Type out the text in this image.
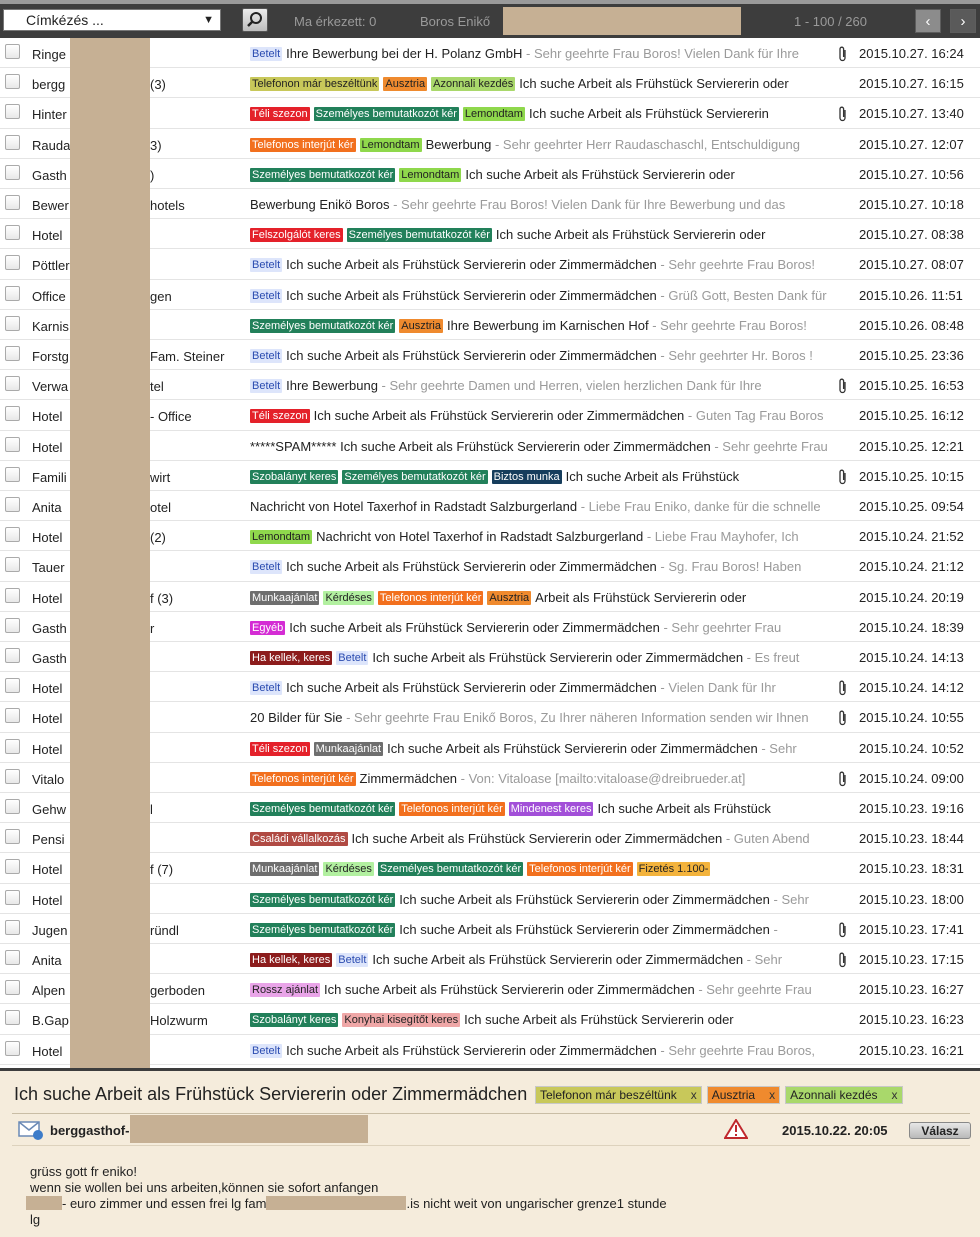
Címkézés ...	▼	Ma érkezett: 0	Boros Enikő	1 - 100 / 260	‹	›
Ringe	Betelt Ihre Bewerbung bei der H. Polanz GmbH - Sehr geehrte Frau Boros! Vielen Dank für Ihre	2015.10.27. 16:24
bergg	(3)	Telefonon már beszéltünk Ausztria Azonnali kezdés Ich suche Arbeit als Frühstück Serviererin oder	2015.10.27. 16:15
Hinter	Téli szezon Személyes bemutatkozót kér Lemondtam Ich suche Arbeit als Frühstück Serviererin	2015.10.27. 13:40
Rauda	3)	Telefonos interjút kér Lemondtam Bewerbung - Sehr geehrter Herr Raudaschaschl, Entschuldigung	2015.10.27. 12:07
Gasth	)	Személyes bemutatkozót kér Lemondtam Ich suche Arbeit als Frühstück Serviererin oder	2015.10.27. 10:56
Bewer	hotels	Bewerbung Enikö Boros - Sehr geehrte Frau Boros! Vielen Dank für Ihre Bewerbung und das	2015.10.27. 10:18
Hotel	Felszolgálót keres Személyes bemutatkozót kér Ich suche Arbeit als Frühstück Serviererin oder	2015.10.27. 08:38
Pöttler	Betelt Ich suche Arbeit als Frühstück Serviererin oder Zimmermädchen - Sehr geehrte Frau Boros!	2015.10.27. 08:07
Office	gen	Betelt Ich suche Arbeit als Frühstück Serviererin oder Zimmermädchen - Grüß Gott, Besten Dank für	2015.10.26. 11:51
Karnis	Személyes bemutatkozót kér Ausztria Ihre Bewerbung im Karnischen Hof - Sehr geehrte Frau Boros!	2015.10.26. 08:48
Forstg	Fam. Steiner	Betelt Ich suche Arbeit als Frühstück Serviererin oder Zimmermädchen - Sehr geehrter Hr. Boros !	2015.10.25. 23:36
Verwa	tel	Betelt Ihre Bewerbung - Sehr geehrte Damen und Herren, vielen herzlichen Dank für Ihre	2015.10.25. 16:53
Hotel	- Office	Téli szezon Ich suche Arbeit als Frühstück Serviererin oder Zimmermädchen - Guten Tag Frau Boros	2015.10.25. 16:12
Hotel	*****SPAM***** Ich suche Arbeit als Frühstück Serviererin oder Zimmermädchen - Sehr geehrte Frau	2015.10.25. 12:21
Famili	wirt	Szobalányt keres Személyes bemutatkozót kér Biztos munka Ich suche Arbeit als Frühstück	2015.10.25. 10:15
Anita	otel	Nachricht von Hotel Taxerhof in Radstadt Salzburgerland - Liebe Frau Eniko, danke für die schnelle	2015.10.25. 09:54
Hotel	(2)	Lemondtam Nachricht von Hotel Taxerhof in Radstadt Salzburgerland - Liebe Frau Mayhofer, Ich	2015.10.24. 21:52
Tauer	Betelt Ich suche Arbeit als Frühstück Serviererin oder Zimmermädchen - Sg. Frau Boros! Haben	2015.10.24. 21:12
Hotel	f (3)	Munkaajánlat Kérdéses Telefonos interjút kér Ausztria Arbeit als Frühstück Serviererin oder	2015.10.24. 20:19
Gasth	r	Egyéb Ich suche Arbeit als Frühstück Serviererin oder Zimmermädchen - Sehr geehrter Frau	2015.10.24. 18:39
Gasth	Ha kellek, keres Betelt Ich suche Arbeit als Frühstück Serviererin oder Zimmermädchen - Es freut	2015.10.24. 14:13
Hotel	Betelt Ich suche Arbeit als Frühstück Serviererin oder Zimmermädchen - Vielen Dank für Ihr	2015.10.24. 14:12
Hotel	20 Bilder für Sie - Sehr geehrte Frau Enikő Boros, Zu Ihrer näheren Information senden wir Ihnen	2015.10.24. 10:55
Hotel	Téli szezon Munkaajánlat Ich suche Arbeit als Frühstück Serviererin oder Zimmermädchen - Sehr	2015.10.24. 10:52
Vitalo	Telefonos interjút kér Zimmermädchen - Von: Vitaloase [mailto:vitaloase@dreibrueder.at]	2015.10.24. 09:00
Gehw	l	Személyes bemutatkozót kér Telefonos interjút kér Mindenest keres Ich suche Arbeit als Frühstück	2015.10.23. 19:16
Pensi	Családi vállalkozás Ich suche Arbeit als Frühstück Serviererin oder Zimmermädchen - Guten Abend	2015.10.23. 18:44
Hotel	f (7)	Munkaajánlat Kérdéses Személyes bemutatkozót kér Telefonos interjút kér Fizetés 1.100-	2015.10.23. 18:31
Hotel	Személyes bemutatkozót kér Ich suche Arbeit als Frühstück Serviererin oder Zimmermädchen - Sehr	2015.10.23. 18:00
Jugen	ründl	Személyes bemutatkozót kér Ich suche Arbeit als Frühstück Serviererin oder Zimmermädchen -	2015.10.23. 17:41
Anita	Ha kellek, keres Betelt Ich suche Arbeit als Frühstück Serviererin oder Zimmermädchen - Sehr	2015.10.23. 17:15
Alpen	gerboden	Rossz ajánlat Ich suche Arbeit als Frühstück Serviererin oder Zimmermädchen - Sehr geehrte Frau	2015.10.23. 16:27
B.Gap	Holzwurm	Szobalányt keres Konyhai kisegítőt keres Ich suche Arbeit als Frühstück Serviererin oder	2015.10.23. 16:23
Hotel	Betelt Ich suche Arbeit als Frühstück Serviererin oder Zimmermädchen - Sehr geehrte Frau Boros,	2015.10.23. 16:21
Ich suche Arbeit als Frühstück Serviererin oder Zimmermädchen	Telefonon már beszéltünk x Ausztria x Azonnali kezdés x
berggasthof-	2015.10.22. 20:05	Válasz
grüss gott fr eniko!
wenn sie wollen bei uns arbeiten,können sie sofort anfangen
- euro zimmer und essen frei lg fam	.is nicht weit von ungarischer grenze1 stunde
lg
